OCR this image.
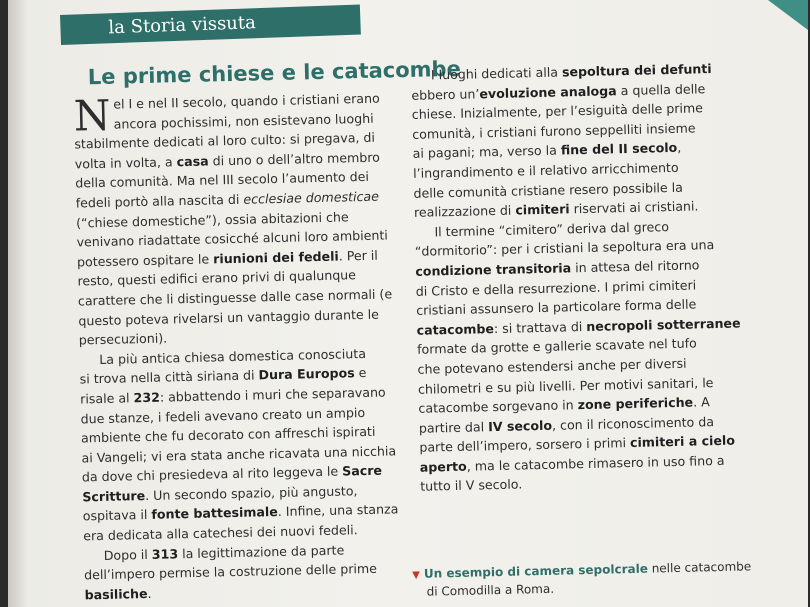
la Storia vissuta
Le prime chiese e le catacombe
N el I e nel II secolo, quando i cristiani erano
ancora pochissimi, non esistevano luoghi
stabilmente dedicati al loro culto: si pregava, di
volta in volta, a casa di uno o dell’altro membro
della comunità. Ma nel III secolo l’aumento dei
fedeli portò alla nascita di ecclesiae domesticae
(“chiese domestiche”), ossia abitazioni che
venivano riadattate cosicché alcuni loro ambienti
potessero ospitare le riunioni dei fedeli. Per il
resto, questi edifici erano privi di qualunque
carattere che li distinguesse dalle case normali (e
questo poteva rivelarsi un vantaggio durante le
persecuzioni).
La più antica chiesa domestica conosciuta
si trova nella città siriana di Dura Europos e
risale al 232: abbattendo i muri che separavano
due stanze, i fedeli avevano creato un ampio
ambiente che fu decorato con affreschi ispirati
ai Vangeli; vi era stata anche ricavata una nicchia
da dove chi presiedeva al rito leggeva le Sacre
Scritture. Un secondo spazio, più angusto,
ospitava il fonte battesimale. Infine, una stanza
era dedicata alla catechesi dei nuovi fedeli.
Dopo il 313 la legittimazione da parte
dell’impero permise la costruzione delle prime
basiliche.
I luoghi dedicati alla sepoltura dei defunti
ebbero un’evoluzione analoga a quella delle
chiese. Inizialmente, per l’esiguità delle prime
comunità, i cristiani furono seppelliti insieme
ai pagani; ma, verso la fine del II secolo,
l’ingrandimento e il relativo arricchimento
delle comunità cristiane resero possibile la
realizzazione di cimiteri riservati ai cristiani.
Il termine “cimitero” deriva dal greco
“dormitorio”: per i cristiani la sepoltura era una
condizione transitoria in attesa del ritorno
di Cristo e della resurrezione. I primi cimiteri
cristiani assunsero la particolare forma delle
catacombe: si trattava di necropoli sotterranee
formate da grotte e gallerie scavate nel tufo
che potevano estendersi anche per diversi
chilometri e su più livelli. Per motivi sanitari, le
catacombe sorgevano in zone periferiche. A
partire dal IV secolo, con il riconoscimento da
parte dell’impero, sorsero i primi cimiteri a cielo
aperto, ma le catacombe rimasero in uso fino a
tutto il V secolo.
▼ Un esempio di camera sepolcrale nelle catacombe
di Comodilla a Roma.
